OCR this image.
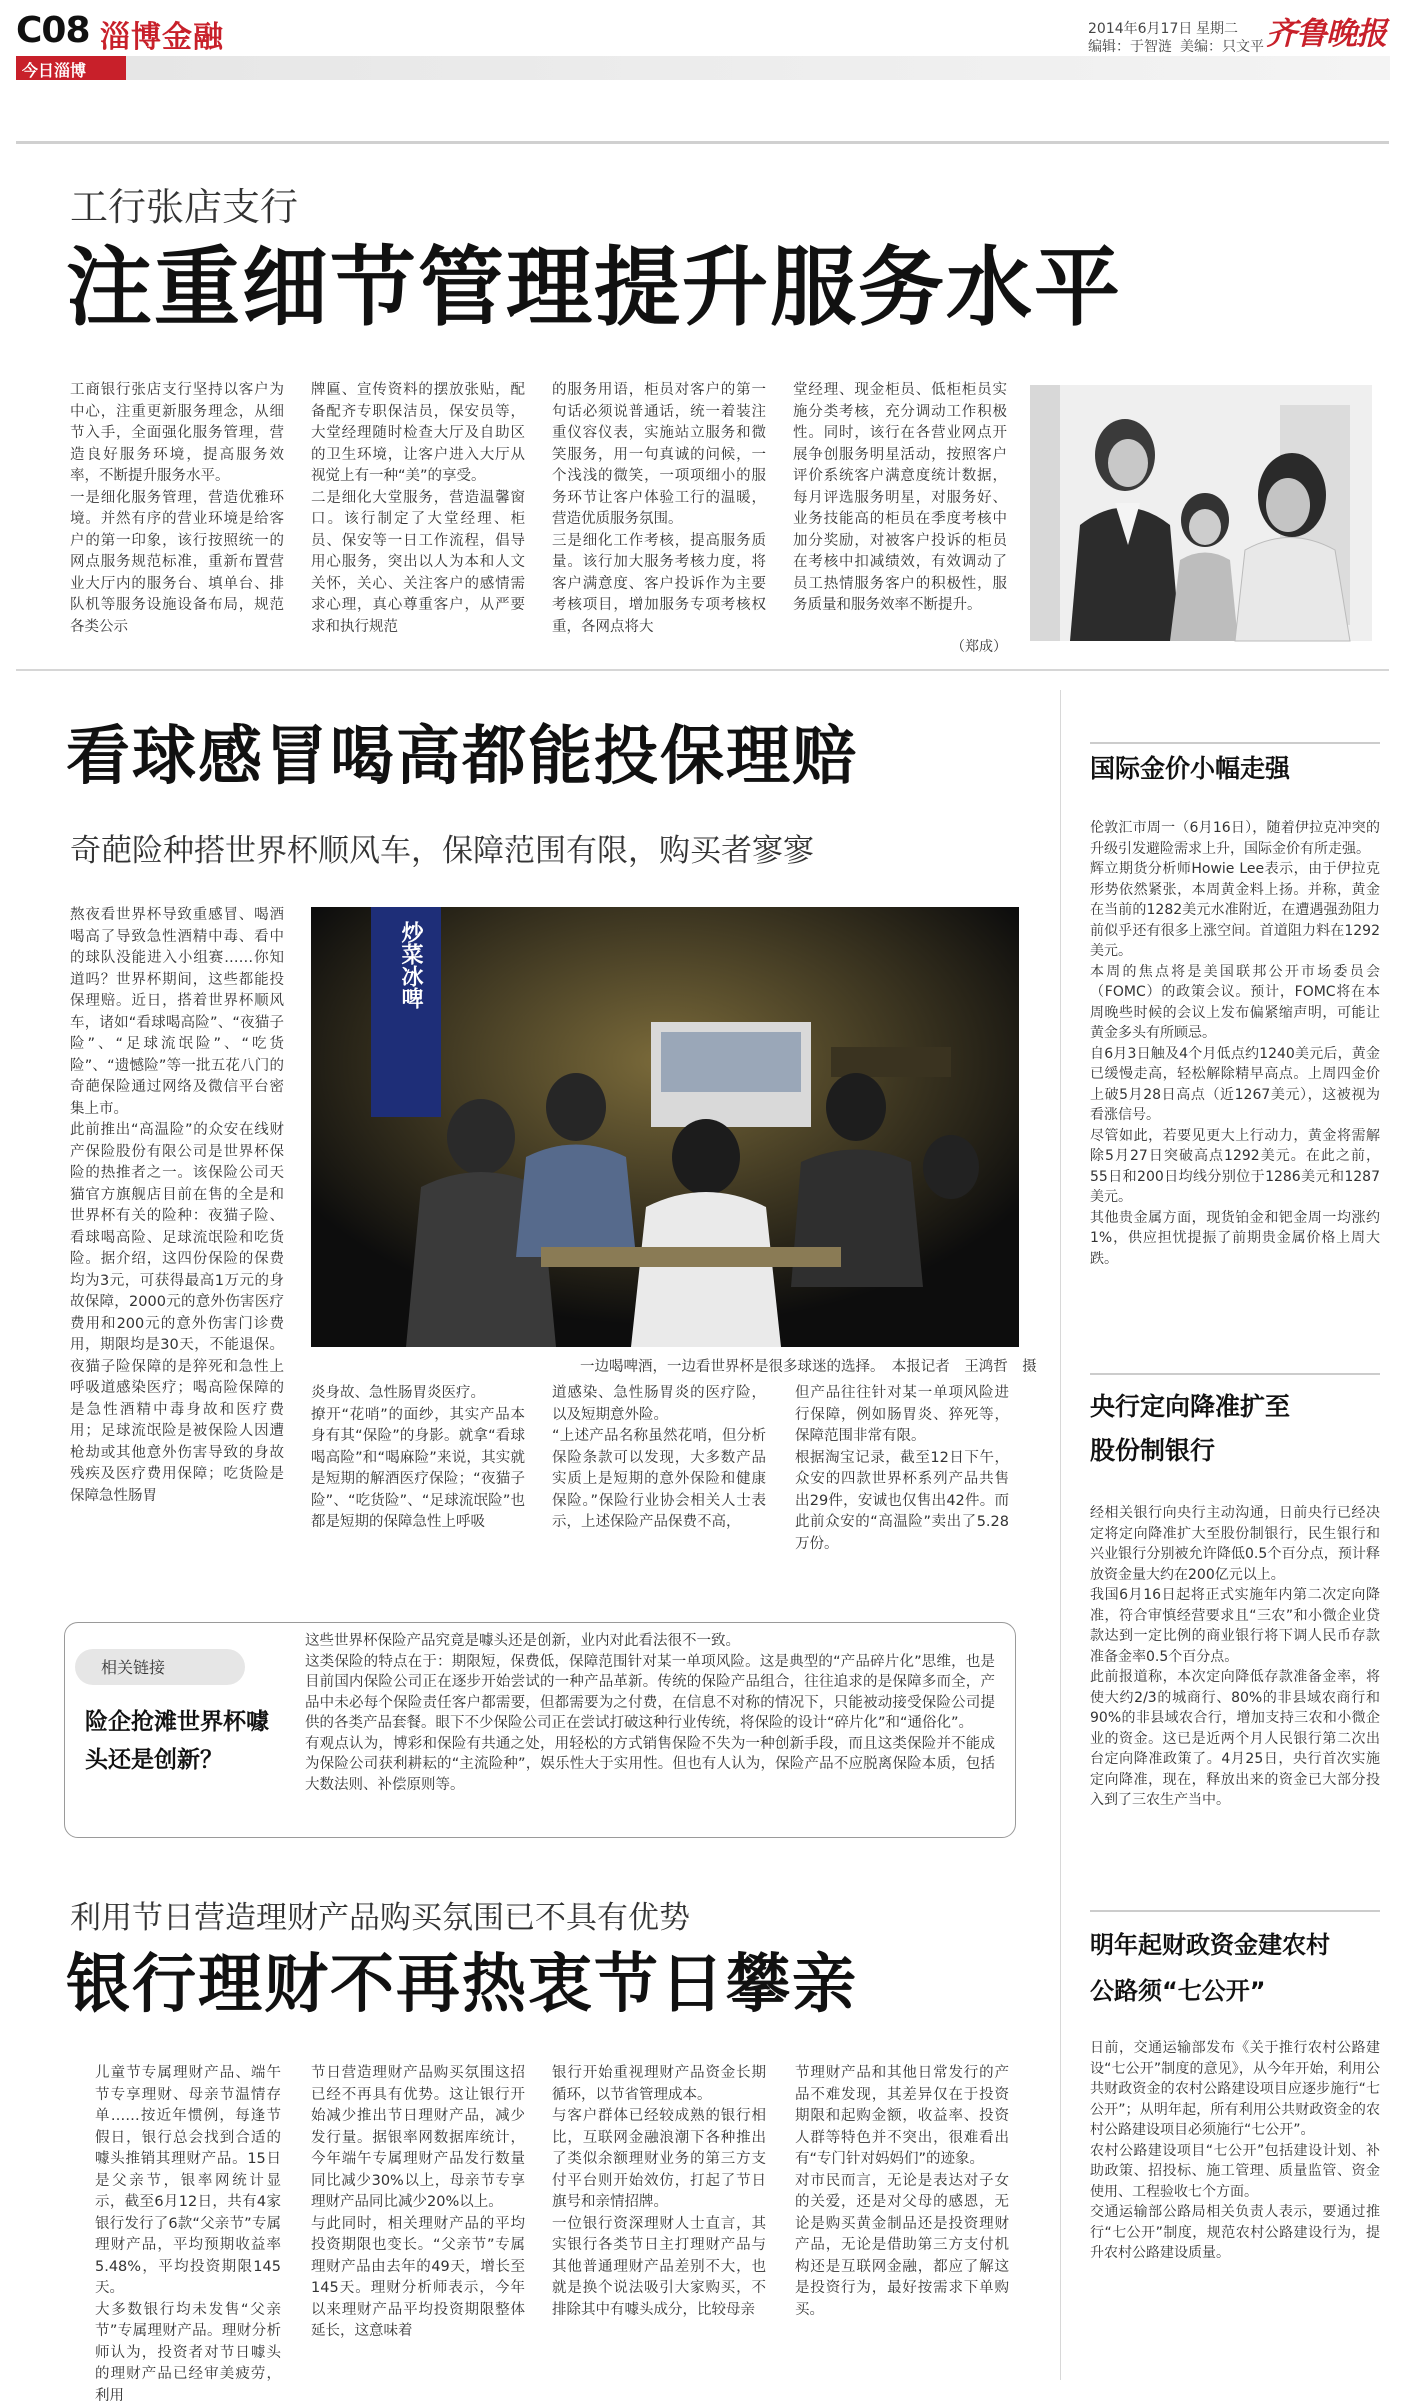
C08 淄博金融
今日淄博
2014年6月17日 星期二
编辑：于智涟 美编：只文平 齐鲁晚报
工行张店支行
注重细节管理提升服务水平

工商银行张店支行坚持以客户为中心，注重更新服务理念，从细节入手，全面强化服务管理，营造良好服务环境，提高服务效率，不断提升服务水平。
一是细化服务管理，营造优雅环境。并然有序的营业环境是给客户的第一印象，该行按照统一的网点服务规范标准，重新布置营业大厅内的服务台、填单台、排队机等服务设施设备布局，规范各类公示

牌匾、宣传资料的摆放张贴，配备配齐专职保洁员，保安员等，大堂经理随时检查大厅及自助区的卫生环境，让客户进入大厅从视觉上有一种“美”的享受。
二是细化大堂服务，营造温馨窗口。该行制定了大堂经理、柜员、保安等一日工作流程，倡导用心服务，突出以人为本和人文关怀，关心、关注客户的感情需求心理，真心尊重客户，从严要求和执行规范

的服务用语，柜员对客户的第一句话必须说普通话，统一着装注重仪容仪表，实施站立服务和微笑服务，用一句真诚的问候，一个浅浅的微笑，一项项细小的服务环节让客户体验工行的温暖，营造优质服务氛围。
三是细化工作考核，提高服务质量。该行加大服务考核力度，将客户满意度、客户投诉作为主要考核项目，增加服务专项考核权重，各网点将大

堂经理、现金柜员、低柜柜员实施分类考核，充分调动工作积极性。同时，该行在各营业网点开展争创服务明星活动，按照客户评价系统客户满意度统计数据，每月评选服务明星，对服务好、业务技能高的柜员在季度考核中加分奖励，对被客户投诉的柜员在考核中扣减绩效，有效调动了员工热情服务客户的积极性，服务质量和服务效率不断提升。

（郑成）
看球感冒喝高都能投保理赔
奇葩险种搭世界杯顺风车，保障范围有限，购买者寥寥

熬夜看世界杯导致重感冒、喝酒喝高了导致急性酒精中毒、看中的球队没能进入小组赛……你知道吗？世界杯期间，这些都能投保理赔。近日，搭着世界杯顺风车，诸如“看球喝高险”、“夜猫子险”、“足球流氓险”、“吃货险”、“遗憾险”等一批五花八门的奇葩保险通过网络及微信平台密集上市。
此前推出“高温险”的众安在线财产保险股份有限公司是世界杯保险的热推者之一。该保险公司天猫官方旗舰店目前在售的全是和世界杯有关的险种：夜猫子险、看球喝高险、足球流氓险和吃货险。据介绍，这四份保险的保费均为3元，可获得最高1万元的身故保障，2000元的意外伤害医疗费用和200元的意外伤害门诊费用，期限均是30天，不能退保。夜猫子险保障的是猝死和急性上呼吸道感染医疗；喝高险保障的是急性酒精中毒身故和医疗费用；足球流氓险是被保险人因遭枪劫或其他意外伤害导致的身故残疾及医疗费用保障；吃货险是保障急性肠胃

炒菜冰啤
一边喝啤酒，一边看世界杯是很多球迷的选择。　本报记者　王鸿哲　摄

炎身故、急性肠胃炎医疗。
撩开“花哨”的面纱，其实产品本身有其“保险”的身影。就拿“看球喝高险”和“喝麻险”来说，其实就是短期的解酒医疗保险；“夜猫子险”、“吃货险”、“足球流氓险”也都是短期的保障急性上呼吸

道感染、急性肠胃炎的医疗险，以及短期意外险。
“上述产品名称虽然花哨，但分析保险条款可以发现，大多数产品实质上是短期的意外保险和健康保险。”保险行业协会相关人士表示，上述保险产品保费不高，

但产品往往针对某一单项风险进行保障，例如肠胃炎、猝死等，保障范围非常有限。
根据淘宝记录，截至12日下午，众安的四款世界杯系列产品共售出29件，安诚也仅售出42件。而此前众安的“高温险”卖出了5.28万份。

相关链接
险企抢滩世界杯噱头还是创新？

这些世界杯保险产品究竟是噱头还是创新，业内对此看法很不一致。
这类保险的特点在于：期限短，保费低，保障范围针对某一单项风险。这是典型的“产品碎片化”思维，也是目前国内保险公司正在逐步开始尝试的一种产品革新。传统的保险产品组合，往往追求的是保障多而全，产品中未必每个保险责任客户都需要，但都需要为之付费，在信息不对称的情况下，只能被动接受保险公司提供的各类产品套餐。眼下不少保险公司正在尝试打破这种行业传统，将保险的设计“碎片化”和“通俗化”。
有观点认为，博彩和保险有共通之处，用轻松的方式销售保险不失为一种创新手段，而且这类保险并不能成为保险公司获利耕耘的“主流险种”，娱乐性大于实用性。但也有人认为，保险产品不应脱离保险本质，包括大数法则、补偿原则等。

利用节日营造理财产品购买氛围已不具有优势
银行理财不再热衷节日攀亲

儿童节专属理财产品、端午节专享理财、母亲节温情存单……按近年惯例，每逢节假日，银行总会找到合适的噱头推销其理财产品。15日是父亲节，银率网统计显示，截至6月12日，共有4家银行发行了6款“父亲节”专属理财产品，平均预期收益率5.48%，平均投资期限145天。
大多数银行均未发售“父亲节”专属理财产品。理财分析师认为，投资者对节日噱头的理财产品已经审美疲劳，利用

节日营造理财产品购买氛围这招已经不再具有优势。这让银行开始减少推出节日理财产品，减少发行量。据银率网数据库统计，今年端午专属理财产品发行数量同比减少30%以上，母亲节专享理财产品同比减少20%以上。
与此同时，相关理财产品的平均投资期限也变长。“父亲节”专属理财产品由去年的49天，增长至145天。理财分析师表示，今年以来理财产品平均投资期限整体延长，这意味着

银行开始重视理财产品资金长期循环，以节省管理成本。
与客户群体已经较成熟的银行相比，互联网金融浪潮下各种推出了类似余额理财业务的第三方支付平台则开始效仿，打起了节日旗号和亲情招牌。
一位银行资深理财人士直言，其实银行各类节日主打理财产品与其他普通理财产品差别不大，也就是换个说法吸引大家购买，不排除其中有噱头成分，比较母亲

节理财产品和其他日常发行的产品不难发现，其差异仅在于投资期限和起购金额，收益率、投资人群等特色并不突出，很难看出有“专门针对妈妈们”的迹象。
对市民而言，无论是表达对子女的关爱，还是对父母的感恩，无论是购买黄金制品还是投资理财产品，无论是借助第三方支付机构还是互联网金融，都应了解这是投资行为，最好按需求下单购买。

国际金价小幅走强

伦敦汇市周一（6月16日），随着伊拉克冲突的升级引发避险需求上升，国际金价有所走强。
辉立期货分析师Howie Lee表示，由于伊拉克形势依然紧张，本周黄金料上扬。并称，黄金在当前的1282美元水准附近，在遭遇强劲阻力前似乎还有很多上涨空间。首道阻力料在1292美元。
本周的焦点将是美国联邦公开市场委员会（FOMC）的政策会议。预计，FOMC将在本周晚些时候的会议上发布偏紧缩声明，可能让黄金多头有所顾忌。
自6月3日触及4个月低点约1240美元后，黄金已缓慢走高，轻松解除精早高点。上周四金价上破5月28日高点（近1267美元），这被视为看涨信号。
尽管如此，若要见更大上行动力，黄金将需解除5月27日突破高点1292美元。在此之前，55日和200日均线分别位于1286美元和1287美元。
其他贵金属方面，现货铂金和钯金周一均涨约1%，供应担忧提振了前期贵金属价格上周大跌。

央行定向降准扩至股份制银行

经相关银行向央行主动沟通，日前央行已经决定将定向降准扩大至股份制银行，民生银行和兴业银行分别被允许降低0.5个百分点，预计释放资金量大约在200亿元以上。
我国6月16日起将正式实施年内第二次定向降准，符合审慎经营要求且“三农”和小微企业贷款达到一定比例的商业银行将下调人民币存款准备金率0.5个百分点。
此前报道称，本次定向降低存款准备金率，将使大约2/3的城商行、80%的非县域农商行和90%的非县域农合行，增加支持三农和小微企业的资金。这已是近两个月人民银行第二次出台定向降准政策了。4月25日，央行首次实施定向降准，现在，释放出来的资金已大部分投入到了三农生产当中。

明年起财政资金建农村公路须“七公开”

日前，交通运输部发布《关于推行农村公路建设“七公开”制度的意见》，从今年开始，利用公共财政资金的农村公路建设项目应逐步施行“七公开”；从明年起，所有利用公共财政资金的农村公路建设项目必须施行“七公开”。
农村公路建设项目“七公开”包括建设计划、补助政策、招投标、施工管理、质量监管、资金使用、工程验收七个方面。
交通运输部公路局相关负责人表示，要通过推行“七公开”制度，规范农村公路建设行为，提升农村公路建设质量。
